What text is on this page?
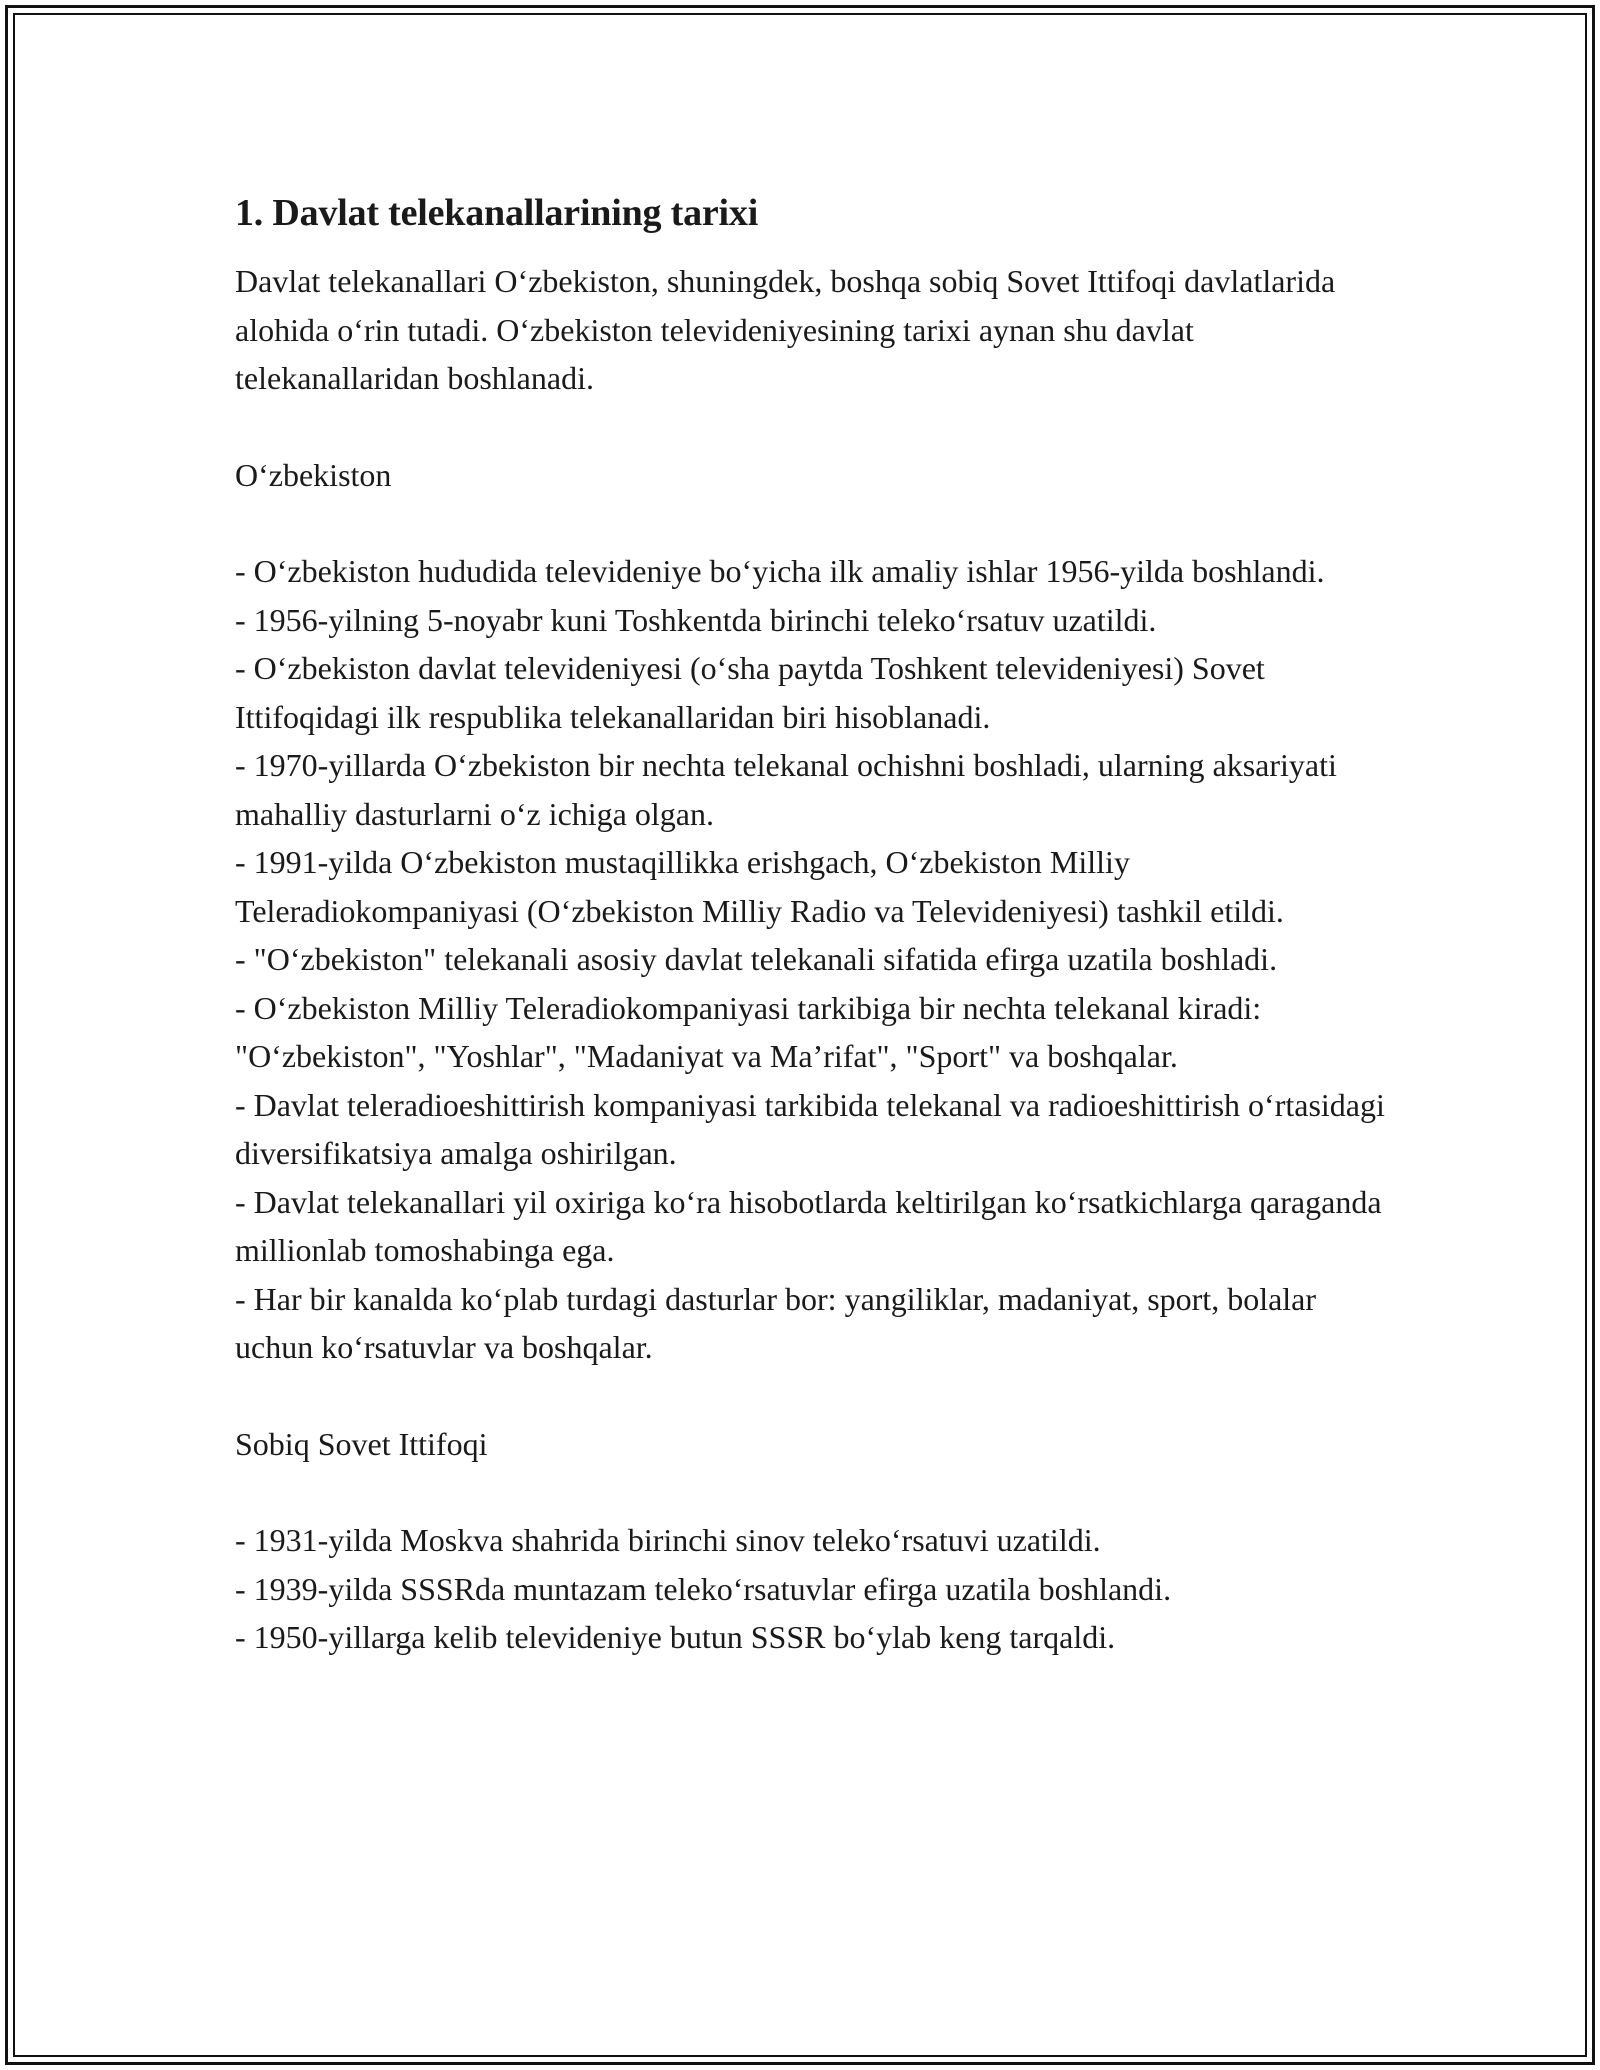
1. Davlat telekanallarining tarixi

Davlat telekanallari O‘zbekiston, shuningdek, boshqa sobiq Sovet Ittifoqi davlatlarida alohida o‘rin tutadi. O‘zbekiston televideniyesining tarixi aynan shu davlat telekanallaridan boshlanadi.

O‘zbekiston

- O‘zbekiston hududida televideniye bo‘yicha ilk amaliy ishlar 1956-yilda boshlandi.
- 1956-yilning 5-noyabr kuni Toshkentda birinchi teleko‘rsatuv uzatildi.
- O‘zbekiston davlat televideniyesi (o‘sha paytda Toshkent televideniyesi) Sovet Ittifoqidagi ilk respublika telekanallaridan biri hisoblanadi.
- 1970-yillarda O‘zbekiston bir nechta telekanal ochishni boshladi, ularning aksariyati mahalliy dasturlarni o‘z ichiga olgan.
- 1991-yilda O‘zbekiston mustaqillikka erishgach, O‘zbekiston Milliy Teleradiokompaniyasi (O‘zbekiston Milliy Radio va Televideniyesi) tashkil etildi.
- "O‘zbekiston" telekanali asosiy davlat telekanali sifatida efirga uzatila boshladi.
- O‘zbekiston Milliy Teleradiokompaniyasi tarkibiga bir nechta telekanal kiradi: "O‘zbekiston", "Yoshlar", "Madaniyat va Ma’rifat", "Sport" va boshqalar.
- Davlat teleradioeshittirish kompaniyasi tarkibida telekanal va radioeshittirish o‘rtasidagi diversifikatsiya amalga oshirilgan.
- Davlat telekanallari yil oxiriga ko‘ra hisobotlarda keltirilgan ko‘rsatkichlarga qaraganda millionlab tomoshabinga ega.
- Har bir kanalda ko‘plab turdagi dasturlar bor: yangiliklar, madaniyat, sport, bolalar uchun ko‘rsatuvlar va boshqalar.

Sobiq Sovet Ittifoqi

- 1931-yilda Moskva shahrida birinchi sinov teleko‘rsatuvi uzatildi.
- 1939-yilda SSSRda muntazam teleko‘rsatuvlar efirga uzatila boshlandi.
- 1950-yillarga kelib televideniye butun SSSR bo‘ylab keng tarqaldi.
